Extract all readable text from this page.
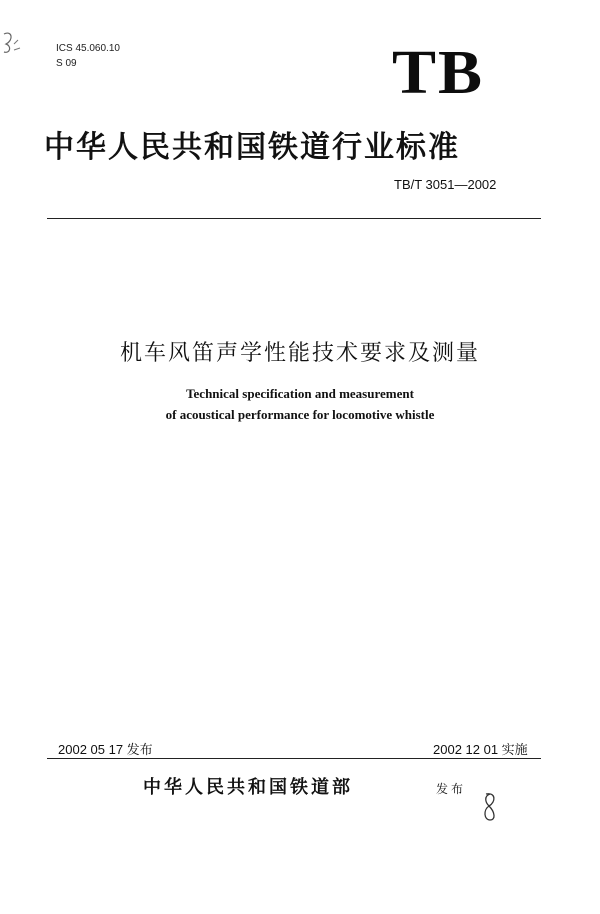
ICS 45.060.10
S 09	TB
中华人民共和国铁道行业标准
TB/T 3051—2002
机车风笛声学性能技术要求及测量
Technical specification and measurement
of acoustical performance for locomotive whistle
2002 05 17 发布	2002 12 01 实施
中华人民共和国铁道部	发布
